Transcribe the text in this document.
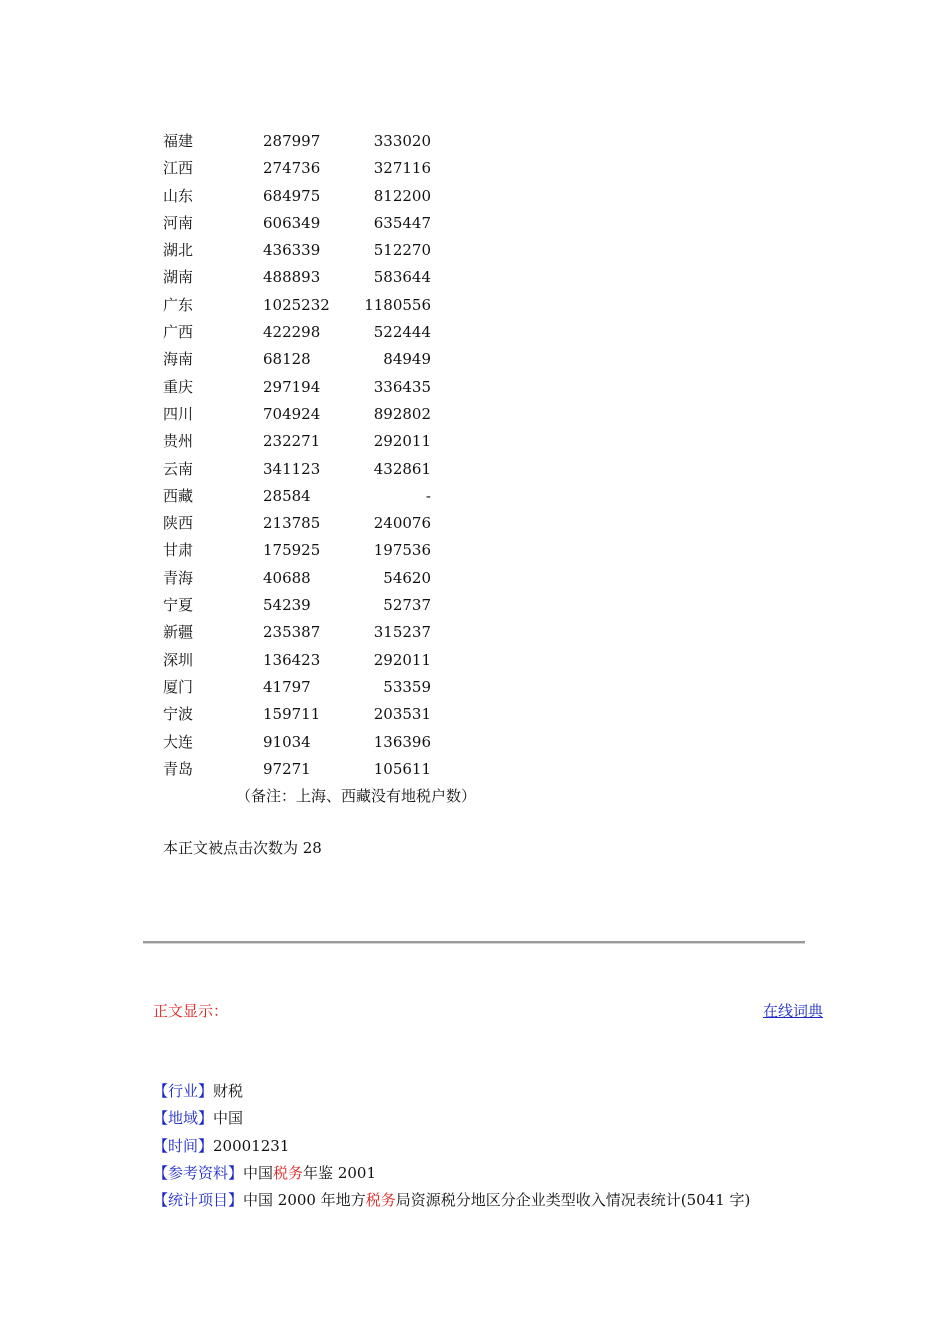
福建	287997	333020
江西	274736	327116
山东	684975	812200
河南	606349	635447
湖北	436339	512270
湖南	488893	583644
广东	1025232	1180556
广西	422298	522444
海南	68128	84949
重庆	297194	336435
四川	704924	892802
贵州	232271	292011
云南	341123	432861
西藏	28584	-
陕西	213785	240076
甘肃	175925	197536
青海	40688	54620
宁夏	54239	52737
新疆	235387	315237
深圳	136423	292011
厦门	41797	53359
宁波	159711	203531
大连	91034	136396
青岛	97271	105611
（备注：上海、西藏没有地税户数）
本正文被点击次数为 28
正文显示：	在线词典
【行业】财税
【地域】中国
【时间】20001231
【参考资料】中国税务年鉴 2001
【统计项目】中国 2000 年地方税务局资源税分地区分企业类型收入情况表统计(5041 字)
